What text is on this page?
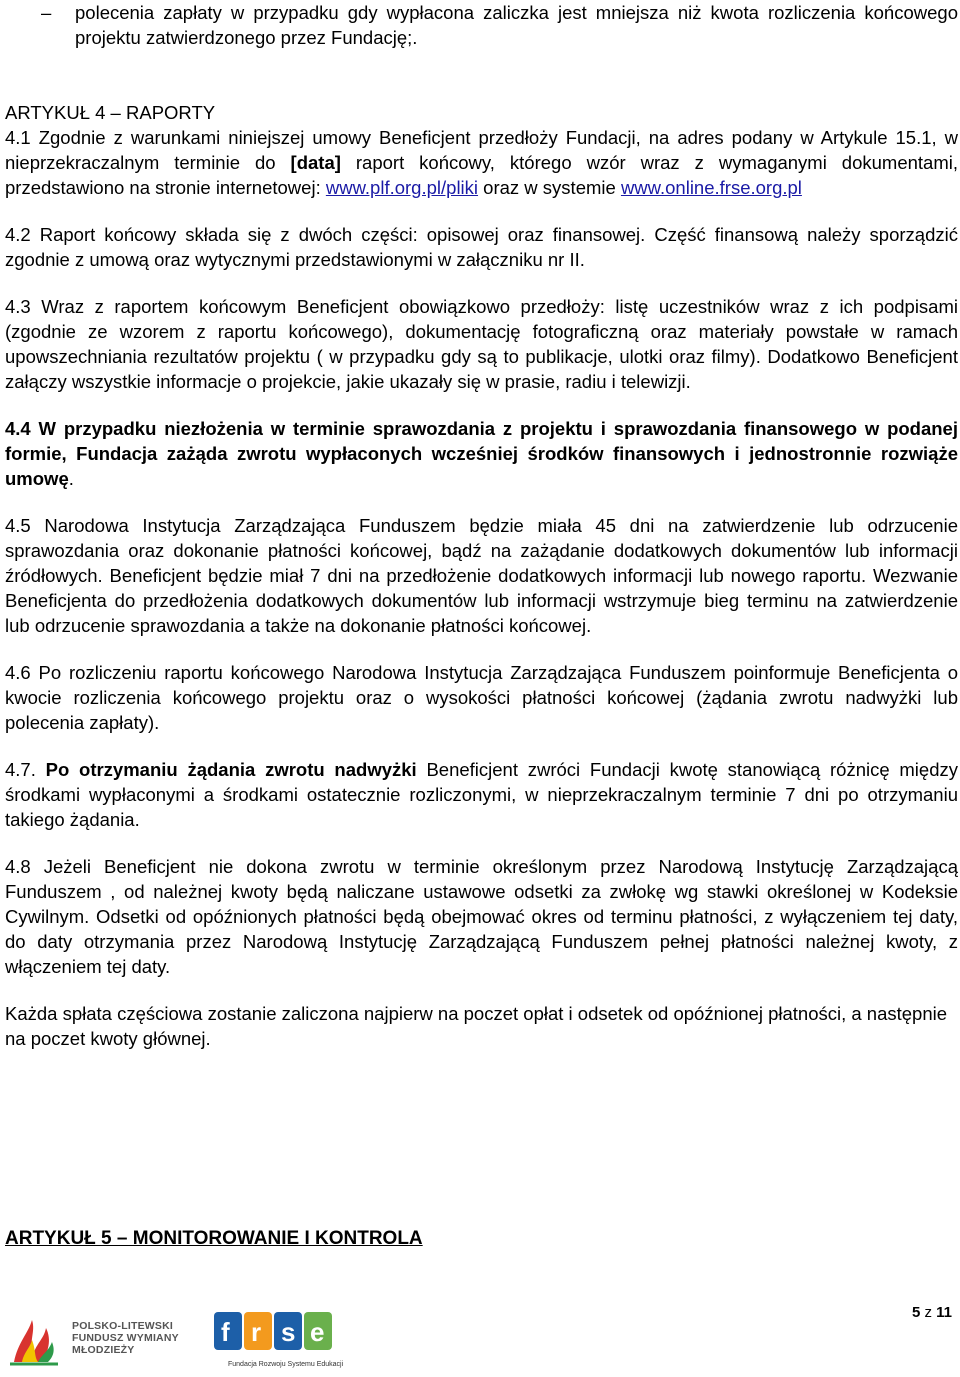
– polecenia zapłaty w przypadku gdy wypłacona zaliczka jest mniejsza niż kwota rozliczenia końcowego projektu zatwierdzonego przez Fundację;.

ARTYKUŁ 4 – RAPORTY

4.1 Zgodnie z warunkami niniejszej umowy Beneficjent przedłoży Fundacji, na adres podany w Artykule 15.1, w nieprzekraczalnym terminie do [data] raport końcowy, którego wzór wraz z wymaganymi dokumentami, przedstawiono na stronie internetowej: www.plf.org.pl/pliki oraz w systemie www.online.frse.org.pl

4.2 Raport końcowy składa się z dwóch części: opisowej oraz finansowej. Część finansową należy sporządzić zgodnie z umową oraz wytycznymi przedstawionymi w załączniku nr II.

4.3 Wraz z raportem końcowym Beneficjent obowiązkowo przedłoży: listę uczestników wraz z ich podpisami (zgodnie ze wzorem z raportu końcowego), dokumentację fotograficzną oraz materiały powstałe w ramach upowszechniania rezultatów projektu ( w przypadku gdy są to publikacje, ulotki oraz filmy). Dodatkowo Beneficjent załączy wszystkie informacje o projekcie, jakie ukazały się w prasie, radiu i telewizji.

4.4 W przypadku niezłożenia w terminie sprawozdania z projektu i sprawozdania finansowego w podanej formie, Fundacja zażąda zwrotu wypłaconych wcześniej środków finansowych i jednostronnie rozwiąże umowę.

4.5 Narodowa Instytucja Zarządzająca Funduszem będzie miała 45 dni na zatwierdzenie lub odrzucenie sprawozdania oraz dokonanie płatności końcowej, bądź na zażądanie dodatkowych dokumentów lub informacji źródłowych. Beneficjent będzie miał 7 dni na przedłożenie dodatkowych informacji lub nowego raportu. Wezwanie Beneficjenta do przedłożenia dodatkowych dokumentów lub informacji wstrzymuje bieg terminu na zatwierdzenie lub odrzucenie sprawozdania a także na dokonanie płatności końcowej.

4.6 Po rozliczeniu raportu końcowego Narodowa Instytucja Zarządzająca Funduszem poinformuje Beneficjenta o kwocie rozliczenia końcowego projektu oraz o wysokości płatności końcowej (żądania zwrotu nadwyżki lub polecenia zapłaty).

4.7. Po otrzymaniu żądania zwrotu nadwyżki Beneficjent zwróci Fundacji kwotę stanowiącą różnicę między środkami wypłaconymi a środkami ostatecznie rozliczonymi, w nieprzekraczalnym terminie 7 dni po otrzymaniu takiego żądania.

4.8 Jeżeli Beneficjent nie dokona zwrotu w terminie określonym przez Narodową Instytucję Zarządzającą Funduszem , od należnej kwoty będą naliczane ustawowe odsetki za zwłokę wg stawki określonej w Kodeksie Cywilnym. Odsetki od opóźnionych płatności będą obejmować okres od terminu płatności, z wyłączeniem tej daty, do daty otrzymania przez Narodową Instytucję Zarządzającą Funduszem pełnej płatności należnej kwoty, z włączeniem tej daty.

Każda spłata częściowa zostanie zaliczona najpierw na poczet opłat i odsetek od opóźnionej płatności, a następnie na poczet kwoty głównej.

ARTYKUŁ 5 – MONITOROWANIE I KONTROLA
POLSKO-LITEWSKI
FUNDUSZ WYMIANY
MŁODZIEŻY
f r s e
Fundacja Rozwoju Systemu Edukacji
5 z 11
